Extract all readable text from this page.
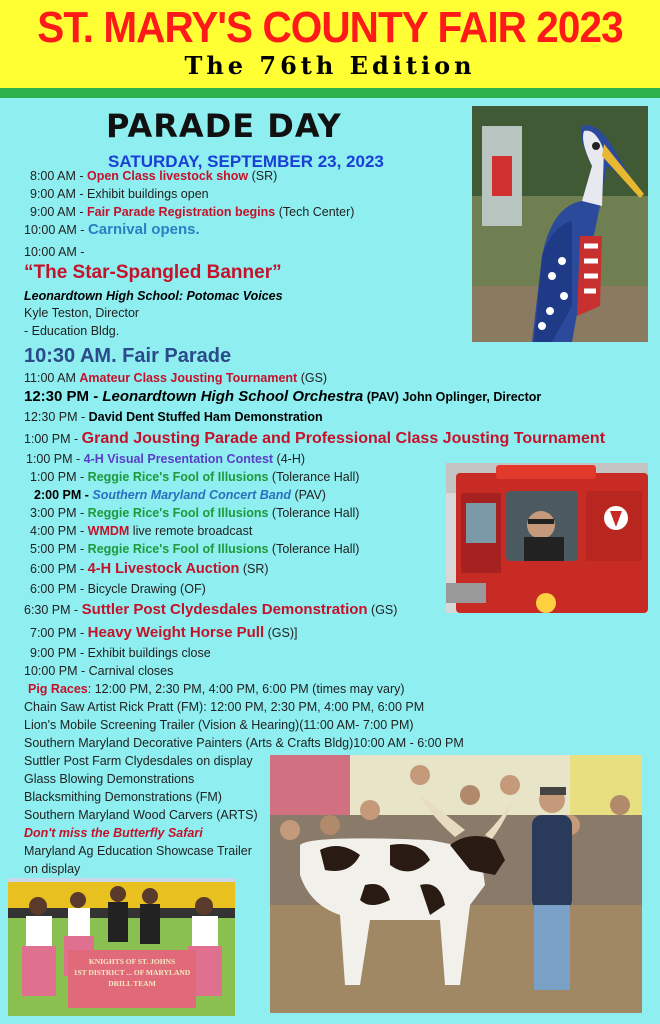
ST. MARY'S COUNTY FAIR 2023
The 76th Edition
PARADE DAY
SATURDAY, SEPTEMBER 23, 2023
8:00 AM - Open Class livestock show (SR)
9:00 AM - Exhibit buildings open
9:00 AM - Fair Parade Registration begins (Tech Center)
10:00 AM - Carnival opens.
10:00 AM -
“The Star-Spangled Banner”
Leonardtown High School: Potomac Voices
Kyle Teston, Director
- Education Bldg.
10:30 AM. Fair Parade
11:00 AM Amateur Class Jousting Tournament (GS)
12:30 PM - Leonardtown High School Orchestra (PAV) John Oplinger, Director
12:30 PM - David Dent Stuffed Ham Demonstration
1:00 PM - Grand Jousting Parade and Professional Class Jousting Tournament
1:00 PM - 4-H Visual Presentation Contest (4-H)
1:00 PM - Reggie Rice's Fool of Illusions (Tolerance Hall)
2:00 PM - Southern Maryland Concert Band (PAV)
3:00 PM - Reggie Rice's Fool of Illusions (Tolerance Hall)
4:00 PM - WMDM live remote broadcast
5:00 PM - Reggie Rice's Fool of Illusions (Tolerance Hall)
6:00 PM - 4-H Livestock Auction (SR)
6:00 PM - Bicycle Drawing (OF)
6:30 PM - Suttler Post Clydesdales Demonstration (GS)
7:00 PM - Heavy Weight Horse Pull (GS)]
9:00 PM - Exhibit buildings close
10:00 PM - Carnival closes
Pig Races: 12:00 PM, 2:30 PM, 4:00 PM, 6:00 PM (times may vary)
Chain Saw Artist Rick Pratt (FM): 12:00 PM, 2:30 PM, 4:00 PM, 6:00 PM
Lion's Mobile Screening Trailer (Vision & Hearing)(11:00 AM- 7:00 PM)
Southern Maryland Decorative Painters (Arts & Crafts Bldg)10:00 AM - 6:00 PM
Suttler Post Farm Clydesdales on display
Glass Blowing Demonstrations
Blacksmithing Demonstrations (FM)
Southern Maryland Wood Carvers (ARTS)
Don't miss the Butterfly Safari
Maryland Ag Education Showcase Trailer
on display
KNIGHTS OF ST. JOHNS
1ST DISTRICT ... OF MARYLAND
DRILL TEAM
